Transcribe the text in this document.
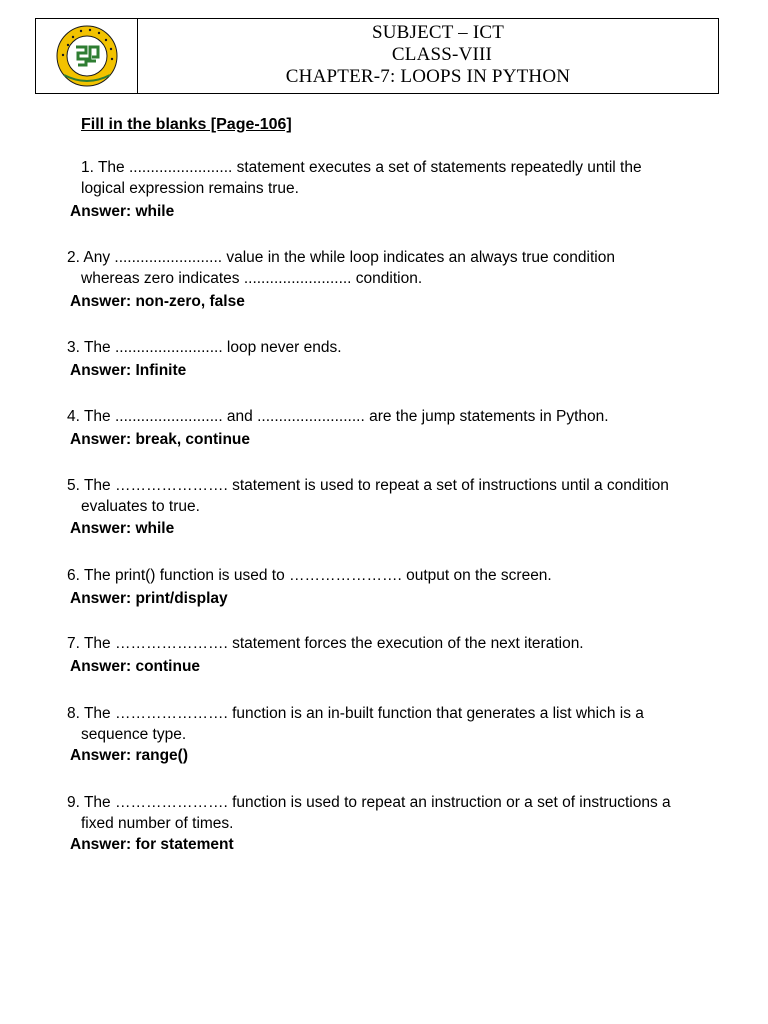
SUBJECT – ICT
CLASS-VIII
CHAPTER-7: LOOPS IN PYTHON
Fill in the blanks [Page-106]
1. The ........................ statement executes a set of statements repeatedly until the
logical expression remains true.
Answer: while
2. Any ......................... value in the while loop indicates an always true condition
whereas zero indicates ......................... condition.
Answer: non-zero, false
3. The ......................... loop never ends.
Answer: Infinite
4. The ......................... and ......................... are the jump statements in Python.
Answer: break, continue
5. The …………………. statement is used to repeat a set of instructions until a condition
evaluates to true.
Answer: while
6. The print() function is used to …………………. output on the screen.
Answer: print/display
7. The …………………. statement forces the execution of the next iteration.
Answer: continue
8. The …………………. function is an in-built function that generates a list which is a
sequence type.
Answer: range()
9. The …………………. function is used to repeat an instruction or a set of instructions a
fixed number of times.
Answer: for statement
